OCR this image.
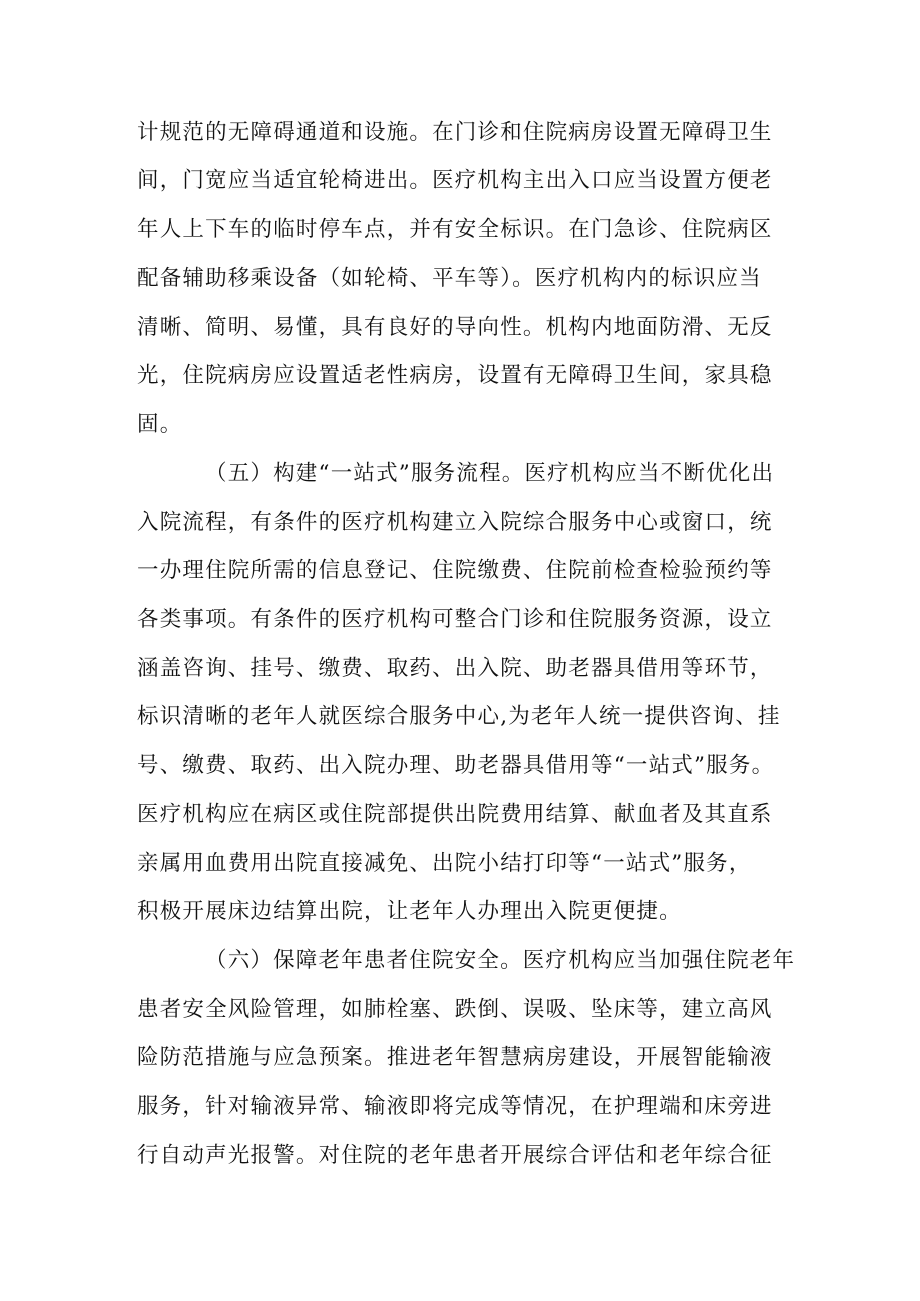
计规范的无障碍通道和设施。在门诊和住院病房设置无障碍卫生
间，门宽应当适宜轮椅进出。医疗机构主出入口应当设置方便老
年人上下车的临时停车点，并有安全标识。在门急诊、住院病区
配备辅助移乘设备（如轮椅、平车等）。医疗机构内的标识应当
清晰、简明、易懂，具有良好的导向性。机构内地面防滑、无反
光，住院病房应设置适老性病房，设置有无障碍卫生间，家具稳
固。
（五）构建“一站式”服务流程。医疗机构应当不断优化出
入院流程，有条件的医疗机构建立入院综合服务中心或窗口，统
一办理住院所需的信息登记、住院缴费、住院前检查检验预约等
各类事项。有条件的医疗机构可整合门诊和住院服务资源，设立
涵盖咨询、挂号、缴费、取药、出入院、助老器具借用等环节，
标识清晰的老年人就医综合服务中心,为老年人统一提供咨询、挂
号、缴费、取药、出入院办理、助老器具借用等“一站式”服务。
医疗机构应在病区或住院部提供出院费用结算、献血者及其直系
亲属用血费用出院直接减免、出院小结打印等“一站式”服务，
积极开展床边结算出院，让老年人办理出入院更便捷。
（六）保障老年患者住院安全。医疗机构应当加强住院老年
患者安全风险管理，如肺栓塞、跌倒、误吸、坠床等，建立高风
险防范措施与应急预案。推进老年智慧病房建设，开展智能输液
服务，针对输液异常、输液即将完成等情况，在护理端和床旁进
行自动声光报警。对住院的老年患者开展综合评估和老年综合征
